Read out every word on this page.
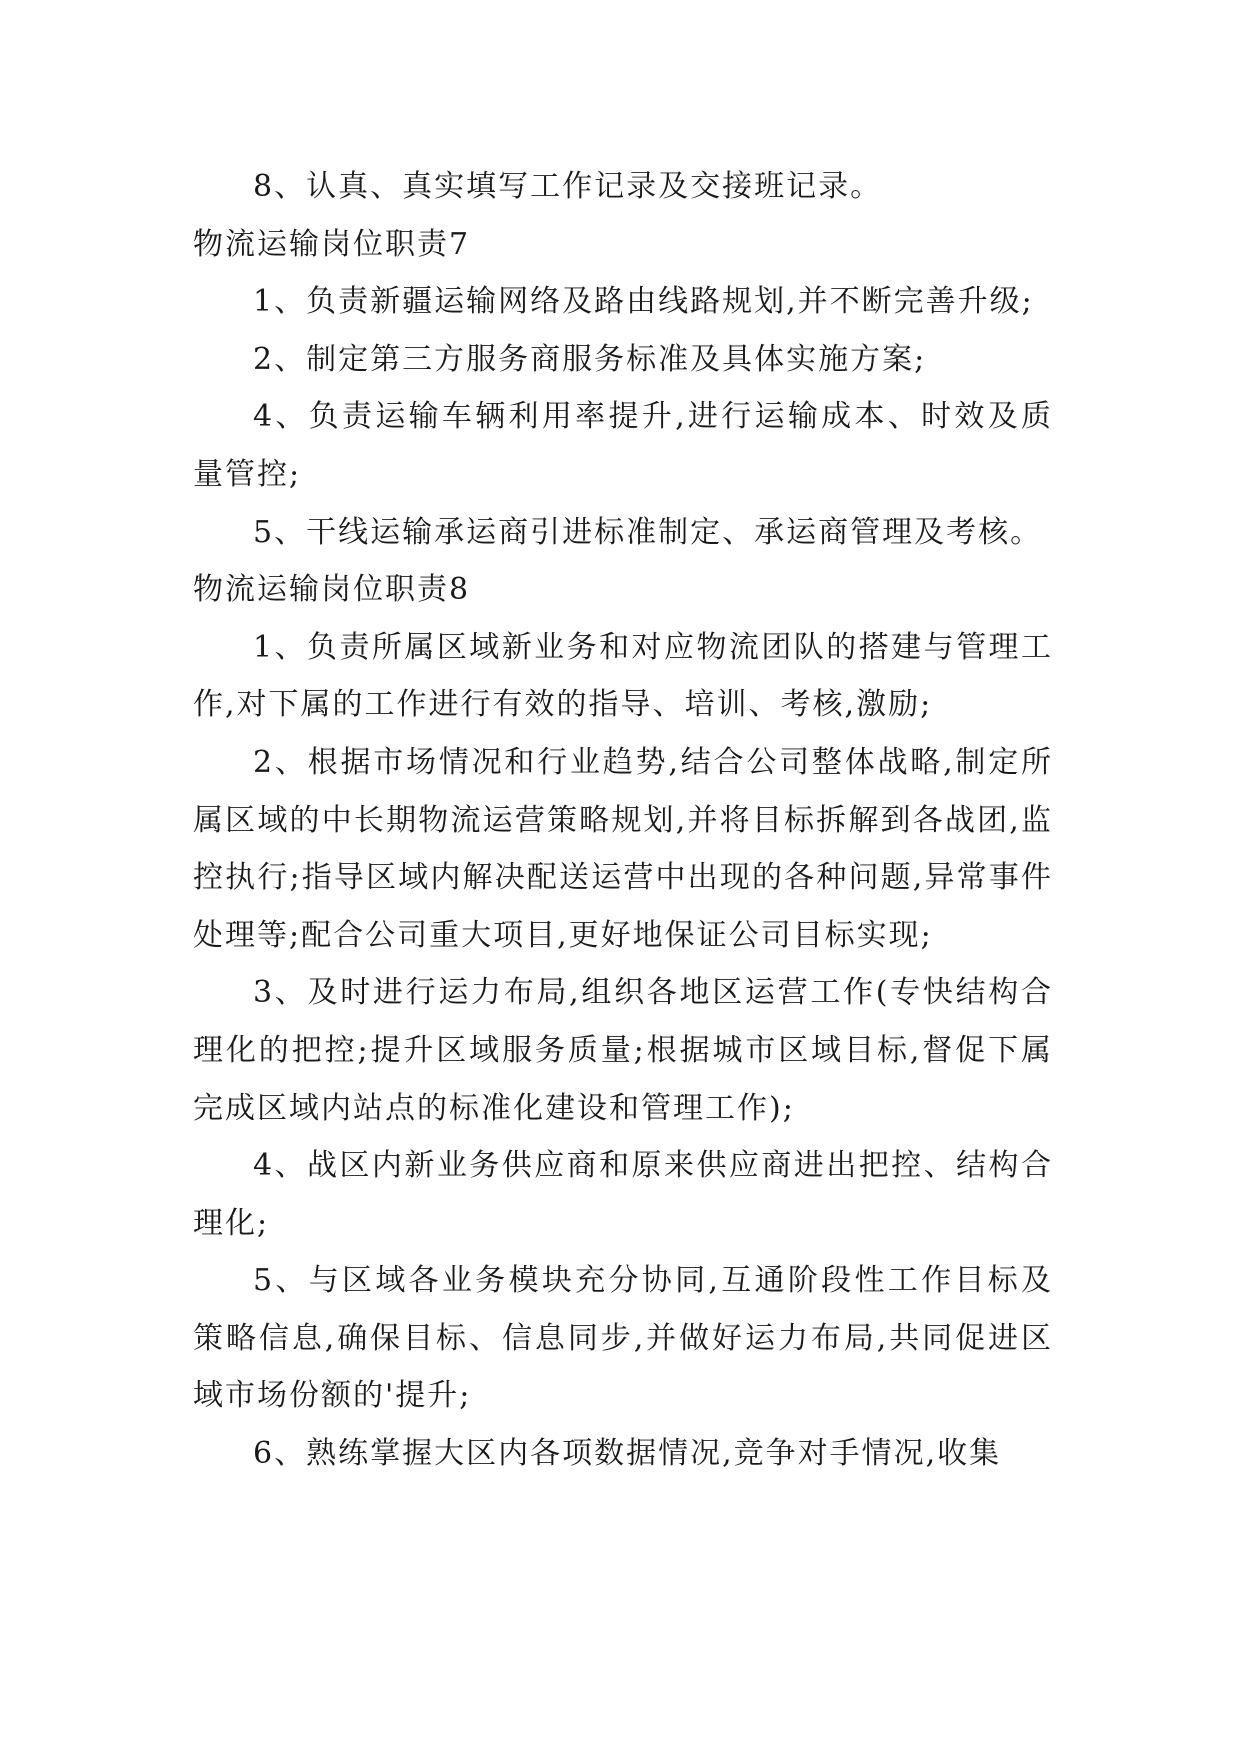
8、认真、真实填写工作记录及交接班记录。

物流运输岗位职责7

1、负责新疆运输网络及路由线路规划,并不断完善升级;

2、制定第三方服务商服务标准及具体实施方案;

4、负责运输车辆利用率提升,进行运输成本、时效及质量管控;

5、干线运输承运商引进标准制定、承运商管理及考核。

物流运输岗位职责8

1、负责所属区域新业务和对应物流团队的搭建与管理工作,对下属的工作进行有效的指导、培训、考核,激励;

2、根据市场情况和行业趋势,结合公司整体战略,制定所属区域的中长期物流运营策略规划,并将目标拆解到各战团,监控执行;指导区域内解决配送运营中出现的各种问题,异常事件处理等;配合公司重大项目,更好地保证公司目标实现;

3、及时进行运力布局,组织各地区运营工作(专快结构合理化的把控;提升区域服务质量;根据城市区域目标,督促下属完成区域内站点的标准化建设和管理工作);

4、战区内新业务供应商和原来供应商进出把控、结构合理化;

5、与区域各业务模块充分协同,互通阶段性工作目标及策略信息,确保目标、信息同步,并做好运力布局,共同促进区域市场份额的'提升;

6、熟练掌握大区内各项数据情况,竞争对手情况,收集
